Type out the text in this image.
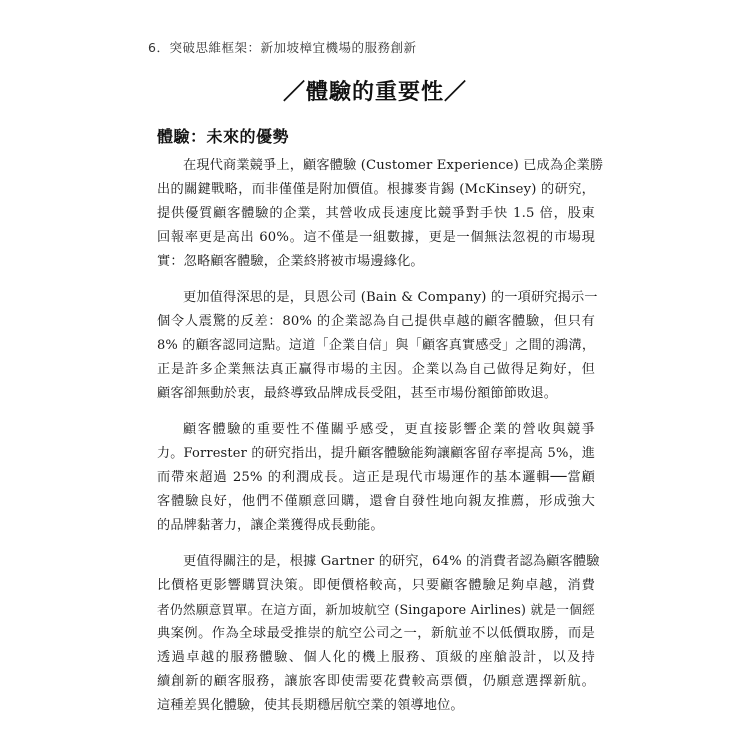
6．突破思維框架：新加坡樟宜機場的服務創新
／體驗的重要性／
體驗：未來的優勢
在現代商業競爭上，顧客體驗 (Customer Experience) 已成為企業勝
出的關鍵戰略，而非僅僅是附加價值。根據麥肯錫 (McKinsey) 的研究，
提供優質顧客體驗的企業，其營收成長速度比競爭對手快 1.5 倍，股東
回報率更是高出 60%。這不僅是一組數據，更是一個無法忽視的市場現
實：忽略顧客體驗，企業終將被市場邊緣化。
更加值得深思的是，貝恩公司 (Bain & Company) 的一項研究揭示一
個令人震驚的反差：80% 的企業認為自己提供卓越的顧客體驗，但只有
8% 的顧客認同這點。這道「企業自信」與「顧客真實感受」之間的鴻溝，
正是許多企業無法真正贏得市場的主因。企業以為自己做得足夠好，但
顧客卻無動於衷，最終導致品牌成長受阻，甚至市場份額節節敗退。
顧客體驗的重要性不僅關乎感受，更直接影響企業的營收與競爭
力。Forrester 的研究指出，提升顧客體驗能夠讓顧客留存率提高 5%，進
而帶來超過 25% 的利潤成長。這正是現代市場運作的基本邏輯──當顧
客體驗良好，他們不僅願意回購，還會自發性地向親友推薦，形成強大
的品牌黏著力，讓企業獲得成長動能。
更值得關注的是，根據 Gartner 的研究，64% 的消費者認為顧客體驗
比價格更影響購買決策。即便價格較高，只要顧客體驗足夠卓越，消費
者仍然願意買單。在這方面，新加坡航空 (Singapore Airlines) 就是一個經
典案例。作為全球最受推崇的航空公司之一，新航並不以低價取勝，而是
透過卓越的服務體驗、個人化的機上服務、頂級的座艙設計，以及持
續創新的顧客服務，讓旅客即使需要花費較高票價，仍願意選擇新航。
這種差異化體驗，使其長期穩居航空業的領導地位。
